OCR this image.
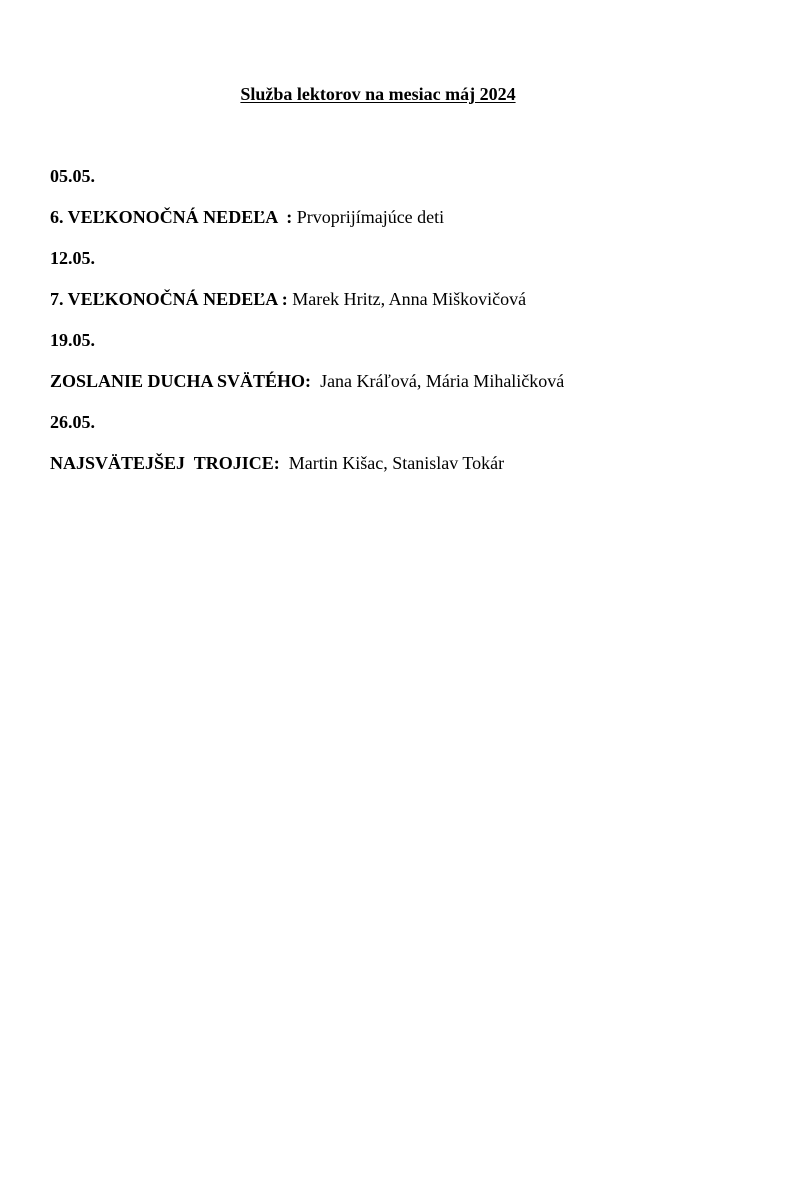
Služba lektorov na mesiac máj 2024
05.05.
6. VEĽKONOČNÁ NEDEĽA  : Prvoprijímajúce deti
12.05.
7. VEĽKONOČNÁ NEDEĽA : Marek Hritz, Anna Miškovičová
19.05.
ZOSLANIE DUCHA SVÄTÉHO:  Jana Kráľová, Mária Mihaličková
26.05.
NAJSVÄTEJŠEJ  TROJICE:  Martin Kišac, Stanislav Tokár
